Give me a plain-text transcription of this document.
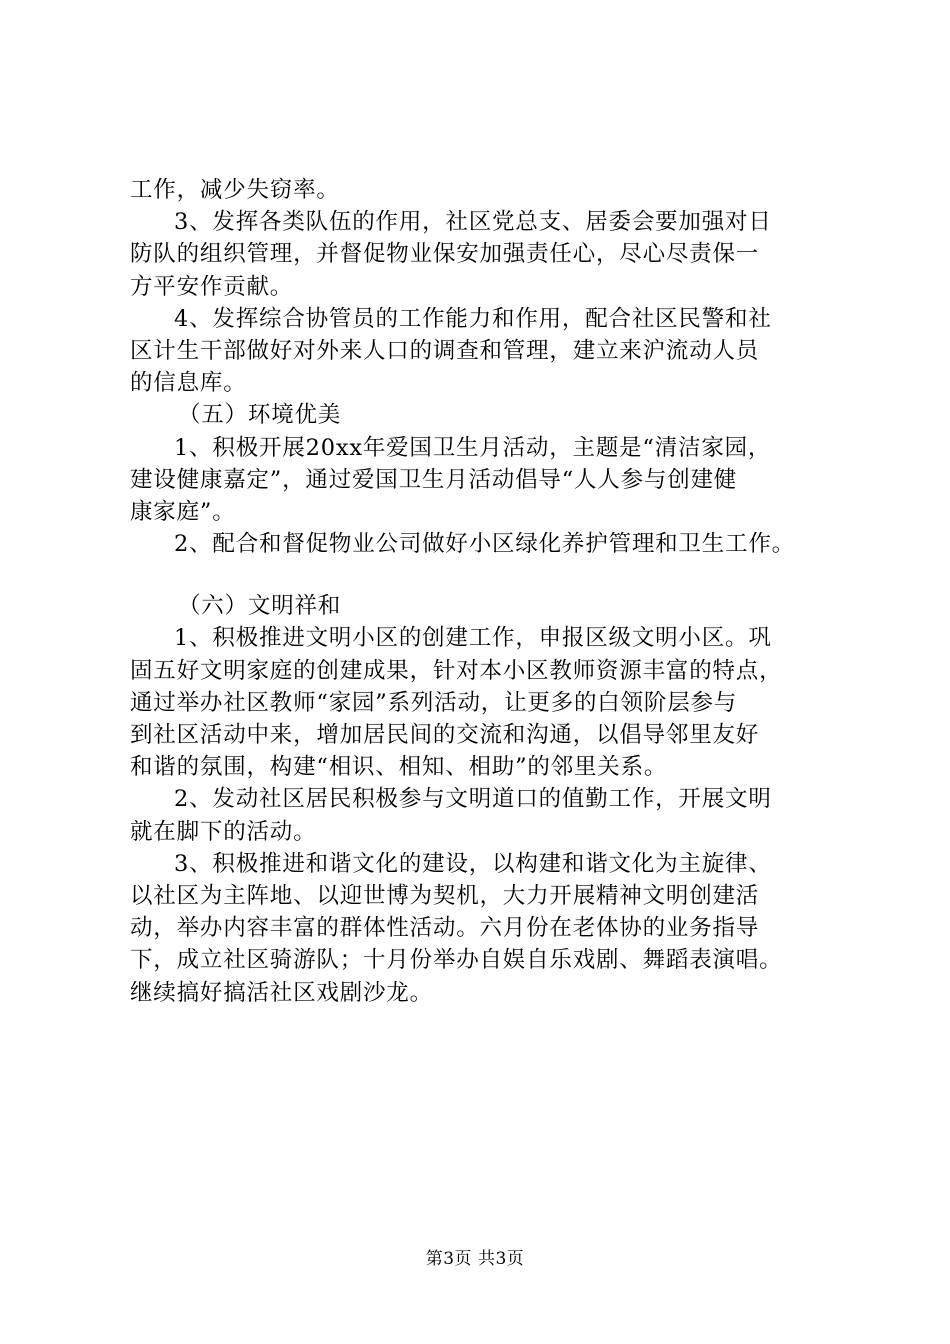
工作，减少失窃率。
3、发挥各类队伍的作用，社区党总支、居委会要加强对日
防队的组织管理，并督促物业保安加强责任心，尽心尽责保一
方平安作贡献。
4、发挥综合协管员的工作能力和作用，配合社区民警和社
区计生干部做好对外来人口的调查和管理，建立来沪流动人员
的信息库。
（五）环境优美
1、积极开展20xx年爱国卫生月活动，主题是“清洁家园，
建设健康嘉定”，通过爱国卫生月活动倡导“人人参与创建健
康家庭”。
2、配合和督促物业公司做好小区绿化养护管理和卫生工作。
（六）文明祥和
1、积极推进文明小区的创建工作，申报区级文明小区。巩
固五好文明家庭的创建成果，针对本小区教师资源丰富的特点，
通过举办社区教师“家园”系列活动，让更多的白领阶层参与
到社区活动中来，增加居民间的交流和沟通，以倡导邻里友好
和谐的氛围，构建“相识、相知、相助”的邻里关系。
2、发动社区居民积极参与文明道口的值勤工作，开展文明
就在脚下的活动。
3、积极推进和谐文化的建设，以构建和谐文化为主旋律、
以社区为主阵地、以迎世博为契机，大力开展精神文明创建活
动，举办内容丰富的群体性活动。六月份在老体协的业务指导
下，成立社区骑游队；十月份举办自娱自乐戏剧、舞蹈表演唱。
继续搞好搞活社区戏剧沙龙。
第3页 共3页
